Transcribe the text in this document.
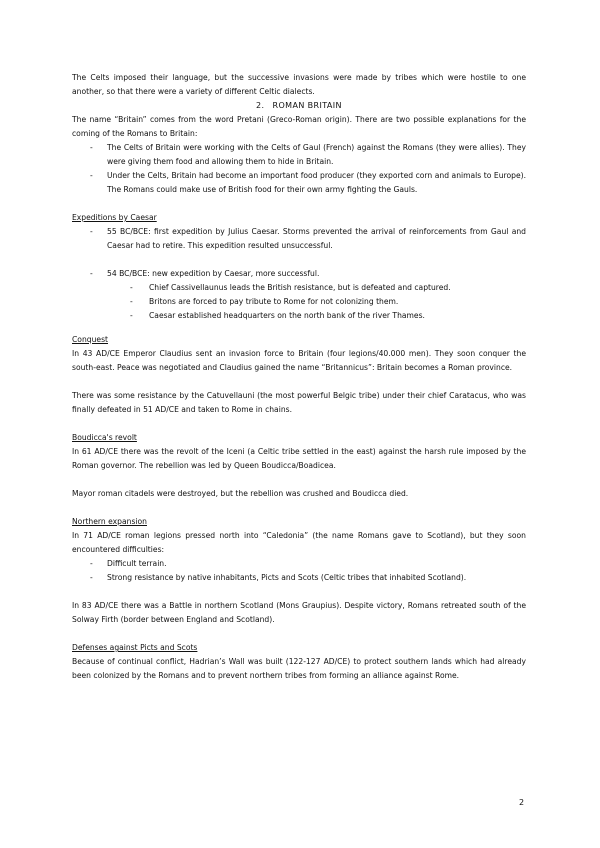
The Celts imposed their language, but the successive invasions were made by tribes which were hostile to one another, so that there were a variety of different Celtic dialects.

2. ROMAN BRITAIN

The name “Britain” comes from the word Pretani (Greco-Roman origin). There are two possible explanations for the coming of the Romans to Britain:

- The Celts of Britain were working with the Celts of Gaul (French) against the Romans (they were allies). They were giving them food and allowing them to hide in Britain.
- Under the Celts, Britain had become an important food producer (they exported corn and animals to Europe). The Romans could make use of British food for their own army fighting the Gauls.

Expeditions by Caesar

- 55 BC/BCE: first expedition by Julius Caesar. Storms prevented the arrival of reinforcements from Gaul and Caesar had to retire. This expedition resulted unsuccessful.
- 54 BC/BCE: new expedition by Caesar, more successful.
- Chief Cassivellaunus leads the British resistance, but is defeated and captured.
- Britons are forced to pay tribute to Rome for not colonizing them.
- Caesar established headquarters on the north bank of the river Thames.

Conquest

In 43 AD/CE Emperor Claudius sent an invasion force to Britain (four legions/40.000 men). They soon conquer the south-east. Peace was negotiated and Claudius gained the name “Britannicus”: Britain becomes a Roman province.

There was some resistance by the Catuvellauni (the most powerful Belgic tribe) under their chief Caratacus, who was finally defeated in 51 AD/CE and taken to Rome in chains.

Boudicca's revolt

In 61 AD/CE there was the revolt of the Iceni (a Celtic tribe settled in the east) against the harsh rule imposed by the Roman governor. The rebellion was led by Queen Boudicca/Boadicea.

Mayor roman citadels were destroyed, but the rebellion was crushed and Boudicca died.

Northern expansion

In 71 AD/CE roman legions pressed north into “Caledonia” (the name Romans gave to Scotland), but they soon encountered difficulties:

- Difficult terrain.
- Strong resistance by native inhabitants, Picts and Scots (Celtic tribes that inhabited Scotland).

In 83 AD/CE there was a Battle in northern Scotland (Mons Graupius). Despite victory, Romans retreated south of the Solway Firth (border between England and Scotland).

Defenses against Picts and Scots

Because of continual conflict, Hadrian’s Wall was built (122-127 AD/CE) to protect southern lands which had already been colonized by the Romans and to prevent northern tribes from forming an alliance against Rome.

2
